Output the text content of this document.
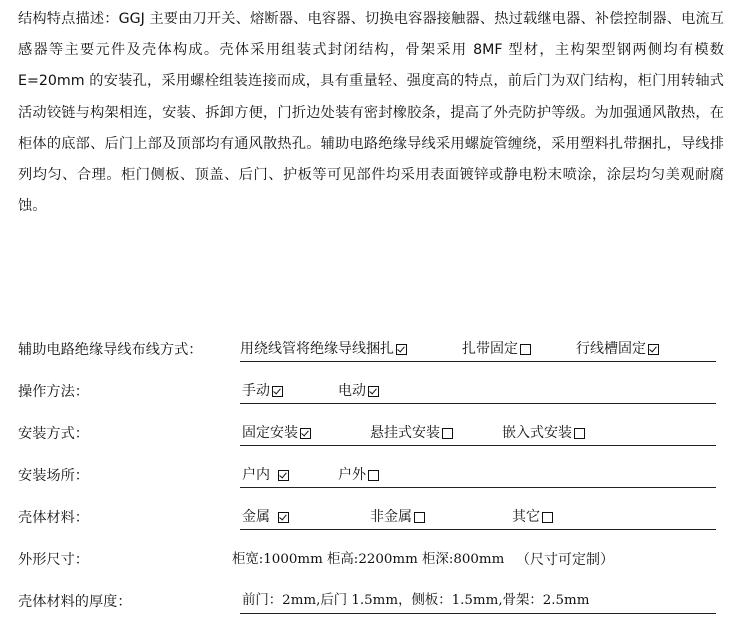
结构特点描述：GGJ 主要由刀开关、熔断器、电容器、切换电容器接触器、热过载继电器、补偿控制器、电流互感器等主要元件及壳体构成。壳体采用组装式封闭结构，骨架采用 8MF 型材，主构架型钢两侧均有模数 E=20mm 的安装孔，采用螺栓组装连接而成，具有重量轻、强度高的特点，前后门为双门结构，柜门用转轴式活动铰链与构架相连，安装、拆卸方便，门折边处装有密封橡胶条，提高了外壳防护等级。为加强通风散热，在柜体的底部、后门上部及顶部均有通风散热孔。辅助电路绝缘导线采用螺旋管缠绕，采用塑料扎带捆扎，导线排列均匀、合理。柜门侧板、顶盖、后门、护板等可见部件均采用表面镀锌或静电粉末喷涂，涂层均匀美观耐腐蚀。

辅助电路绝缘导线布线方式：	用绕线管将绝缘导线捆扎	扎带固定	行线槽固定
操作方法：	手动	电动
安装方式：	固定安装	悬挂式安装	嵌入式安装
安装场所：	户内	户外
壳体材料：	金属	非金属	其它
外形尺寸：	柜宽:1000mm 柜高:2200mm 柜深:800mm （尺寸可定制）
壳体材料的厚度：	前门：2mm,后门 1.5mm，侧板：1.5mm,骨架：2.5mm
